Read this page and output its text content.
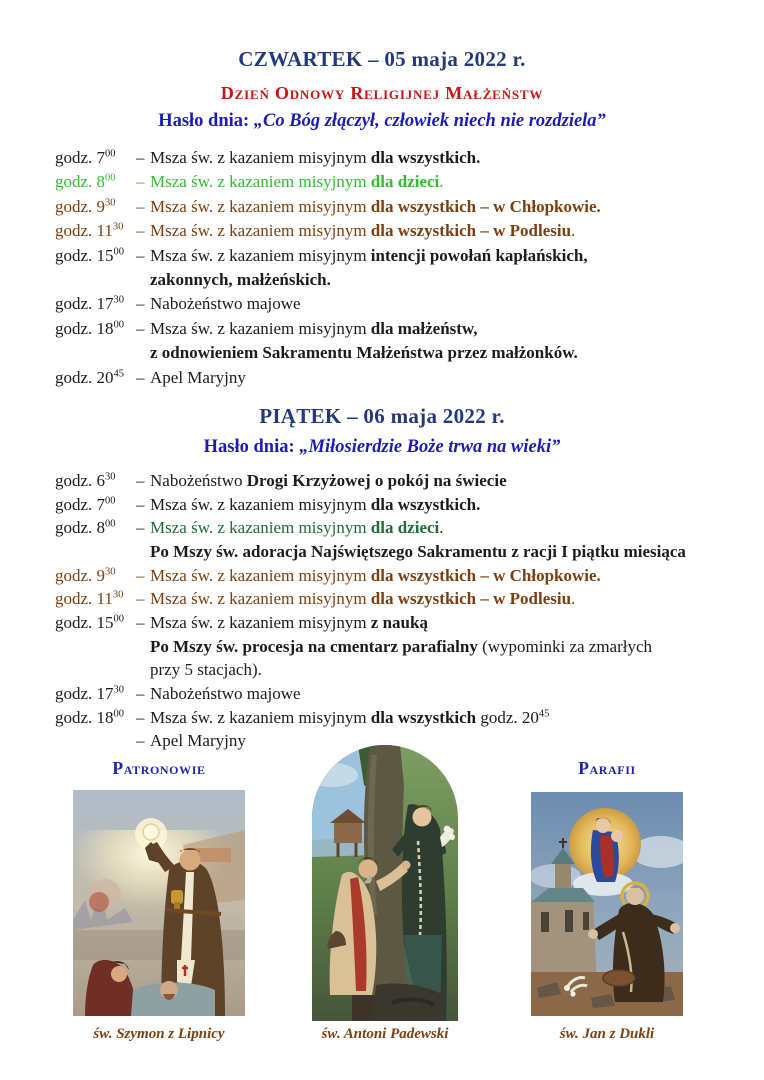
CZWARTEK – 05 maja 2022 r.
Dzień Odnowy Religijnej Małżeństw
Hasło dnia: „Co Bóg złączył, człowiek niech nie rozdziela”
godz. $7^{00}$	– Msza św. z kazaniem misyjnym dla wszystkich.
godz. $8^{00}$	– Msza św. z kazaniem misyjnym dla dzieci.
godz. $9^{30}$	– Msza św. z kazaniem misyjnym dla wszystkich – w Chłopkowie.
godz. $11^{30}$ – Msza św. z kazaniem misyjnym dla wszystkich – w Podlesiu.
godz. $15^{00}$ – Msza św. z kazaniem misyjnym intencji powołań kapłańskich,
zakonnych, małżeńskich.
godz. $17^{30}$ – Nabożeństwo majowe
godz. $18^{00}$ – Msza św. z kazaniem misyjnym dla małżeństw,
z odnowieniem Sakramentu Małżeństwa przez małżonków.
godz. $20^{45}$ – Apel Maryjny
PIĄTEK – 06 maja 2022 r.
Hasło dnia: „Miłosierdzie Boże trwa na wieki”
godz. $6^{30}$	– Nabożeństwo Drogi Krzyżowej o pokój na świecie
godz. $7^{00}$	– Msza św. z kazaniem misyjnym dla wszystkich.
godz. $8^{00}$	– Msza św. z kazaniem misyjnym dla dzieci.
Po Mszy św. adoracja Najświętszego Sakramentu z racji I piątku miesiąca
godz. $9^{30}$	– Msza św. z kazaniem misyjnym dla wszystkich – w Chłopkowie.
godz. $11^{30}$ – Msza św. z kazaniem misyjnym dla wszystkich – w Podlesiu.
godz. $15^{00}$ – Msza św. z kazaniem misyjnym z nauką
Po Mszy św. procesja na cmentarz parafialny (wypominki za zmarłych
przy 5 stacjach).
godz. $17^{30}$ – Nabożeństwo majowe
godz. $18^{00}$ – Msza św. z kazaniem misyjnym dla wszystkich godz. $20^{45}$
– Apel Maryjny
Patronowie	Parafii
św. Szymon z Lipnicy	św. Antoni Padewski	św. Jan z Dukli
